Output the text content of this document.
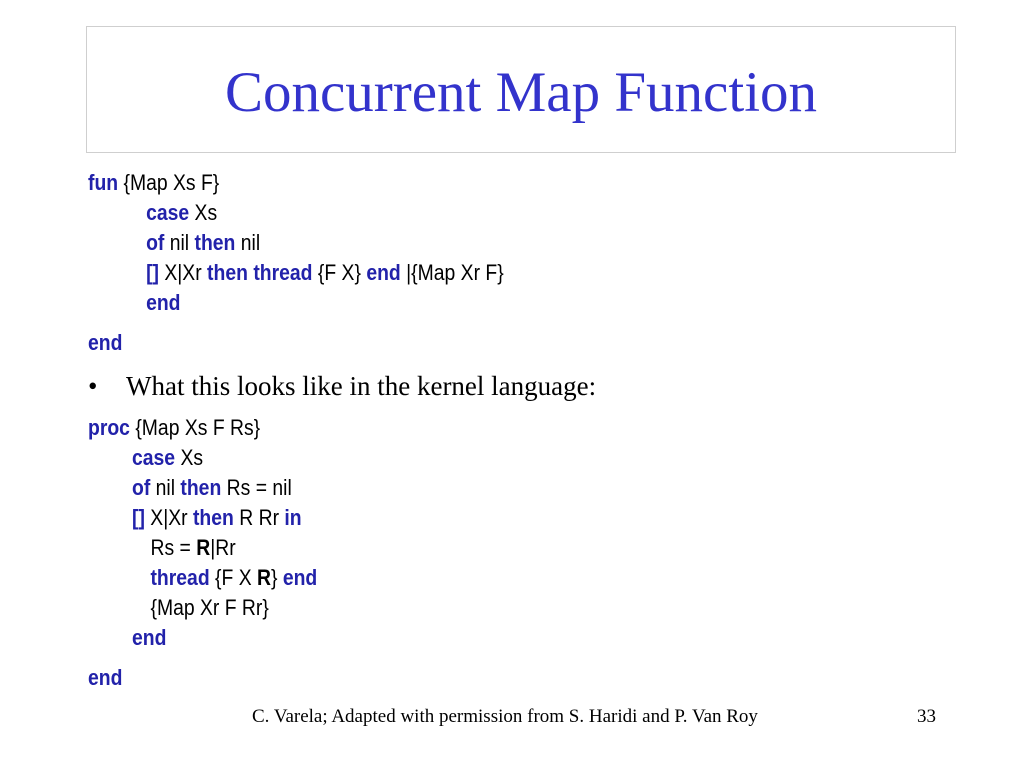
Concurrent Map Function
fun {Map Xs F}
case Xs
of nil then nil
[] X|Xr then thread {F X} end |{Map Xr F}
end
end
• What this looks like in the kernel language:
proc {Map Xs F Rs}
case Xs
of nil then Rs = nil
[] X|Xr then R Rr in
Rs = R|Rr
thread {F X R} end
{Map Xr F Rr}
end
end
C. Varela; Adapted with permission from S. Haridi and P. Van Roy	33
